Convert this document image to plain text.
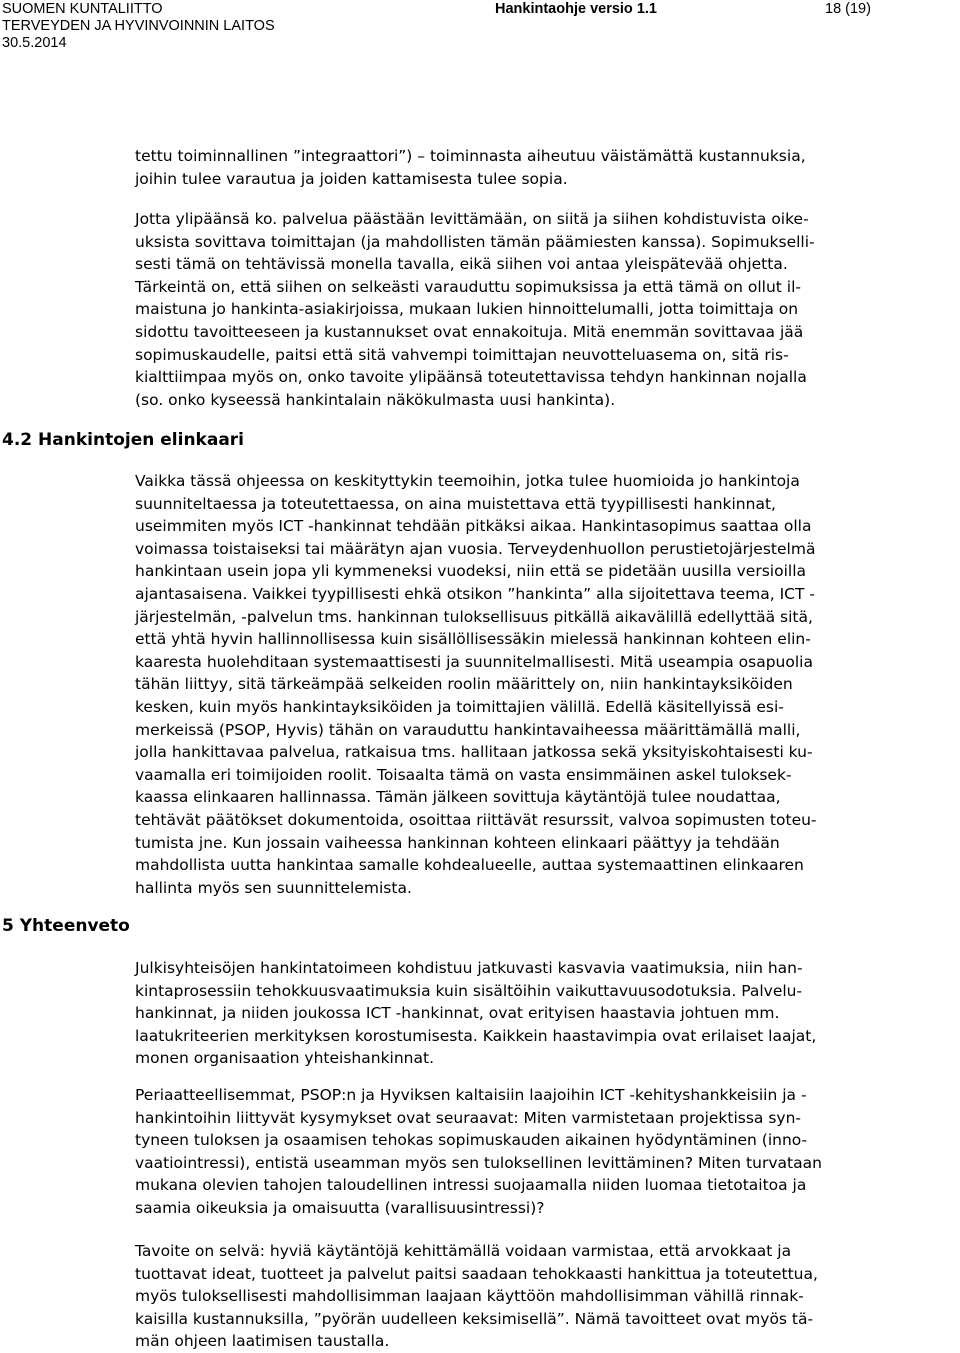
SUOMEN KUNTALIITTO
TERVEYDEN JA HYVINVOINNIN LAITOS
30.5.2014
Hankintaohje versio 1.1	18 (19)

tettu toiminnallinen ”integraattori”) – toiminnasta aiheutuu väistämättä kustannuksia,
joihin tulee varautua ja joiden kattamisesta tulee sopia.

Jotta ylipäänsä ko. palvelua päästään levittämään, on siitä ja siihen kohdistuvista oike-
uksista sovittava toimittajan (ja mahdollisten tämän päämiesten kanssa). Sopimukselli-
sesti tämä on tehtävissä monella tavalla, eikä siihen voi antaa yleispätevää ohjetta.
Tärkeintä on, että siihen on selkeästi varauduttu sopimuksissa ja että tämä on ollut il-
maistuna jo hankinta-asiakirjoissa, mukaan lukien hinnoittelumalli, jotta toimittaja on
sidottu tavoitteeseen ja kustannukset ovat ennakoituja. Mitä enemmän sovittavaa jää
sopimuskaudelle, paitsi että sitä vahvempi toimittajan neuvotteluasema on, sitä ris-
kialttiimpaa myös on, onko tavoite ylipäänsä toteutettavissa tehdyn hankinnan nojalla
(so. onko kyseessä hankintalain näkökulmasta uusi hankinta).

4.2 Hankintojen elinkaari

Vaikka tässä ohjeessa on keskityttykin teemoihin, jotka tulee huomioida jo hankintoja
suunniteltaessa ja toteutettaessa, on aina muistettava että tyypillisesti hankinnat,
useimmiten myös ICT -hankinnat tehdään pitkäksi aikaa. Hankintasopimus saattaa olla
voimassa toistaiseksi tai määrätyn ajan vuosia. Terveydenhuollon perustietojärjestelmä
hankintaan usein jopa yli kymmeneksi vuodeksi, niin että se pidetään uusilla versioilla
ajantasaisena. Vaikkei tyypillisesti ehkä otsikon ”hankinta” alla sijoitettava teema, ICT -
järjestelmän, -palvelun tms. hankinnan tuloksellisuus pitkällä aikavälillä edellyttää sitä,
että yhtä hyvin hallinnollisessa kuin sisällöllisessäkin mielessä hankinnan kohteen elin-
kaaresta huolehditaan systemaattisesti ja suunnitelmallisesti. Mitä useampia osapuolia
tähän liittyy, sitä tärkeämpää selkeiden roolin määrittely on, niin hankintayksiköiden
kesken, kuin myös hankintayksiköiden ja toimittajien välillä. Edellä käsitellyissä esi-
merkeissä (PSOP, Hyvis) tähän on varauduttu hankintavaiheessa määrittämällä malli,
jolla hankittavaa palvelua, ratkaisua tms. hallitaan jatkossa sekä yksityiskohtaisesti ku-
vaamalla eri toimijoiden roolit. Toisaalta tämä on vasta ensimmäinen askel tuloksek-
kaassa elinkaaren hallinnassa. Tämän jälkeen sovittuja käytäntöjä tulee noudattaa,
tehtävät päätökset dokumentoida, osoittaa riittävät resurssit, valvoa sopimusten toteu-
tumista jne. Kun jossain vaiheessa hankinnan kohteen elinkaari päättyy ja tehdään
mahdollista uutta hankintaa samalle kohdealueelle, auttaa systemaattinen elinkaaren
hallinta myös sen suunnittelemista.

5 Yhteenveto

Julkisyhteisöjen hankintatoimeen kohdistuu jatkuvasti kasvavia vaatimuksia, niin han-
kintaprosessiin tehokkuusvaatimuksia kuin sisältöihin vaikuttavuusodotuksia. Palvelu-
hankinnat, ja niiden joukossa ICT -hankinnat, ovat erityisen haastavia johtuen mm.
laatukriteerien merkityksen korostumisesta. Kaikkein haastavimpia ovat erilaiset laajat,
monen organisaation yhteishankinnat.

Periaatteellisemmat, PSOP:n ja Hyviksen kaltaisiin laajoihin ICT -kehityshankkeisiin ja -
hankintoihin liittyvät kysymykset ovat seuraavat: Miten varmistetaan projektissa syn-
tyneen tuloksen ja osaamisen tehokas sopimuskauden aikainen hyödyntäminen (inno-
vaatiointressi), entistä useamman myös sen tuloksellinen levittäminen? Miten turvataan
mukana olevien tahojen taloudellinen intressi suojaamalla niiden luomaa tietotaitoa ja
saamia oikeuksia ja omaisuutta (varallisuusintressi)?

Tavoite on selvä: hyviä käytäntöjä kehittämällä voidaan varmistaa, että arvokkaat ja
tuottavat ideat, tuotteet ja palvelut paitsi saadaan tehokkaasti hankittua ja toteutettua,
myös tuloksellisesti mahdollisimman laajaan käyttöön mahdollisimman vähillä rinnak-
kaisilla kustannuksilla, ”pyörän uudelleen keksimisellä”. Nämä tavoitteet ovat myös tä-
män ohjeen laatimisen taustalla.
